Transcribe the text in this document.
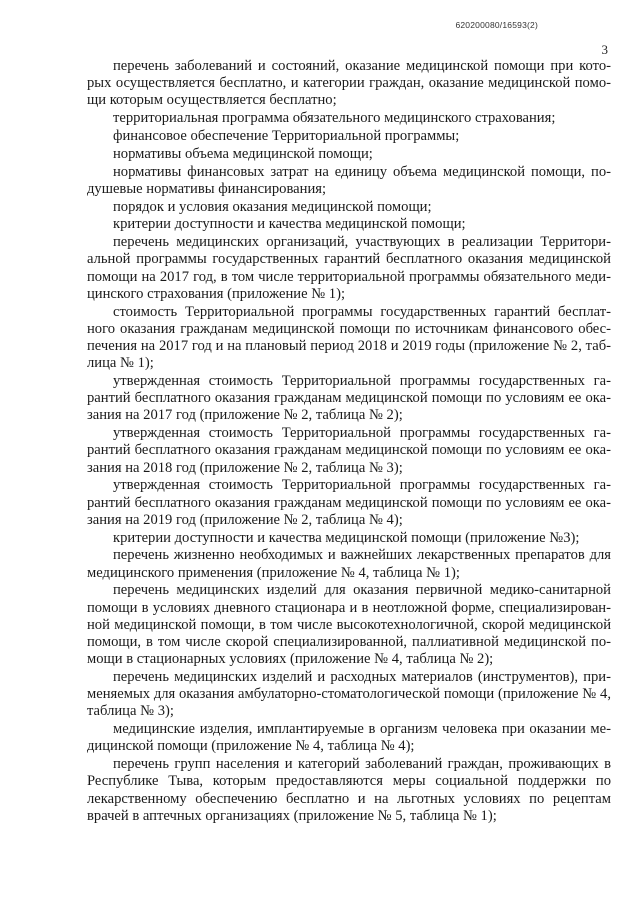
620200080/16593(2)
3

перечень заболеваний и состояний, оказание медицинской помощи при которых осуществляется бесплатно, и категории граждан, оказание медицинской помощи которым осуществляется бесплатно;

территориальная программа обязательного медицинского страхования;

финансовое обеспечение Территориальной программы;

нормативы объема медицинской помощи;

нормативы финансовых затрат на единицу объема медицинской помощи, подушевые нормативы финансирования;

порядок и условия оказания медицинской помощи;

критерии доступности и качества медицинской помощи;

перечень медицинских организаций, участвующих в реализации Территориальной программы государственных гарантий бесплатного оказания медицинской помощи на 2017 год, в том числе территориальной программы обязательного медицинского страхования (приложение № 1);

стоимость Территориальной программы государственных гарантий бесплатного оказания гражданам медицинской помощи по источникам финансового обеспечения на 2017 год и на плановый период 2018 и 2019 годы (приложение № 2, таблица № 1);

утвержденная стоимость Территориальной программы государственных гарантий бесплатного оказания гражданам медицинской помощи по условиям ее оказания на 2017 год (приложение № 2, таблица № 2);

утвержденная стоимость Территориальной программы государственных гарантий бесплатного оказания гражданам медицинской помощи по условиям ее оказания на 2018 год (приложение № 2, таблица № 3);

утвержденная стоимость Территориальной программы государственных гарантий бесплатного оказания гражданам медицинской помощи по условиям ее оказания на 2019 год (приложение № 2, таблица № 4);

критерии доступности и качества медицинской помощи (приложение №3);

перечень жизненно необходимых и важнейших лекарственных препаратов для медицинского применения (приложение № 4, таблица № 1);

перечень медицинских изделий для оказания первичной медико-санитарной помощи в условиях дневного стационара и в неотложной форме, специализированной медицинской помощи, в том числе высокотехнологичной, скорой медицинской помощи, в том числе скорой специализированной, паллиативной медицинской помощи в стационарных условиях (приложение № 4, таблица № 2);

перечень медицинских изделий и расходных материалов (инструментов), применяемых для оказания амбулаторно-стоматологической помощи (приложение № 4, таблица № 3);

медицинские изделия, имплантируемые в организм человека при оказании медицинской помощи (приложение № 4, таблица № 4);

перечень групп населения и категорий заболеваний граждан, проживающих в Республике Тыва, которым предоставляются меры социальной поддержки по лекарственному обеспечению бесплатно и на льготных условиях по рецептам врачей в аптечных организациях (приложение № 5, таблица № 1);
